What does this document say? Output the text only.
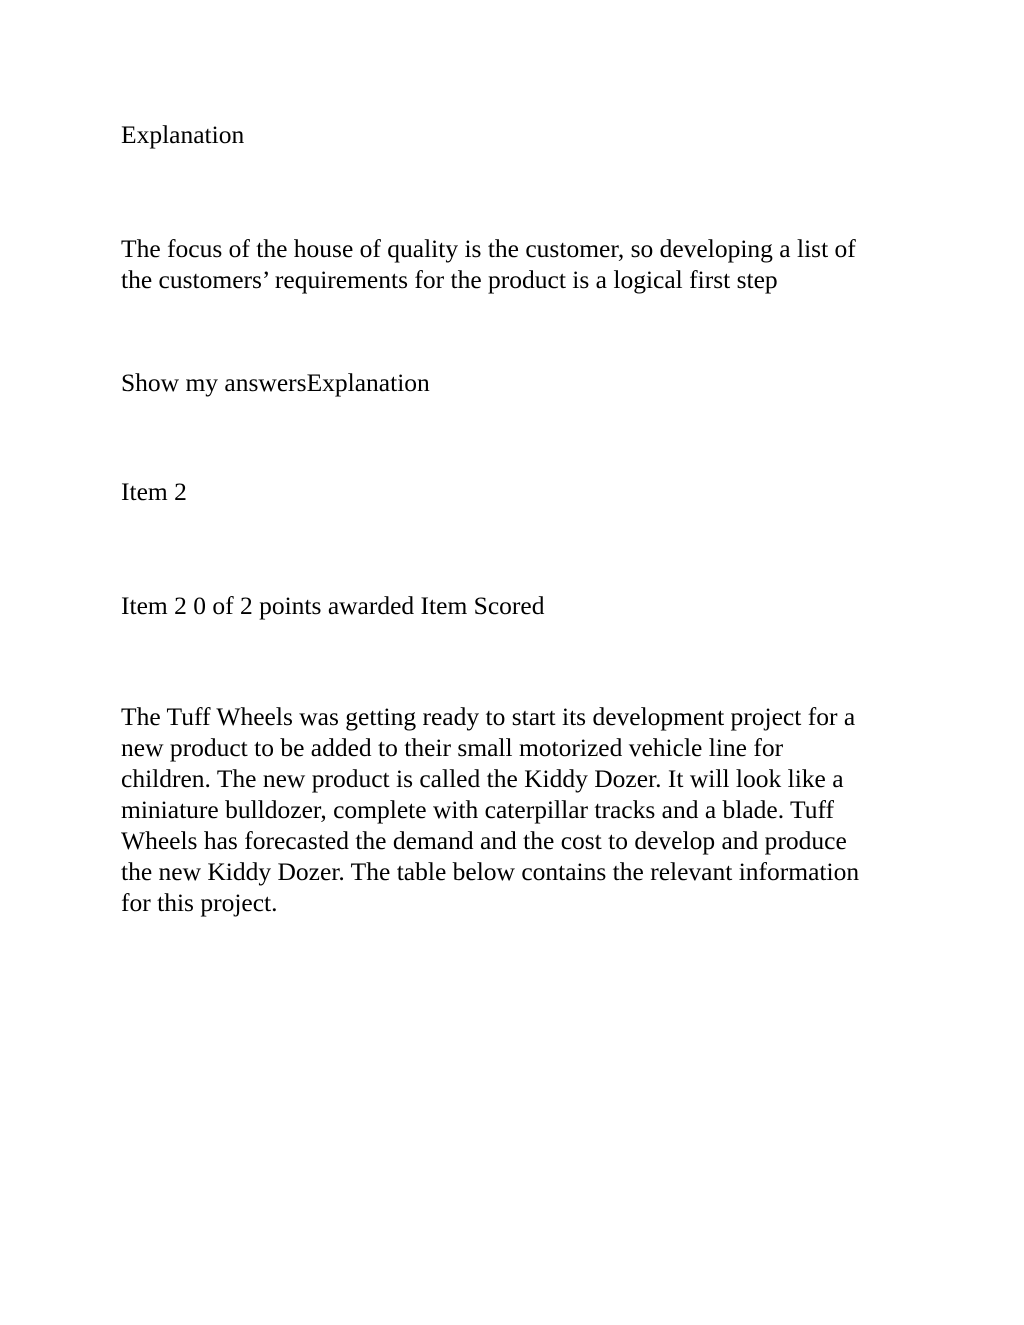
Explanation

The focus of the house of quality is the customer, so developing a list of
the customers’ requirements for the product is a logical first step

Show my answersExplanation

Item 2

Item 2 0 of 2 points awarded Item Scored

The Tuff Wheels was getting ready to start its development project for a
new product to be added to their small motorized vehicle line for
children. The new product is called the Kiddy Dozer. It will look like a
miniature bulldozer, complete with caterpillar tracks and a blade. Tuff
Wheels has forecasted the demand and the cost to develop and produce
the new Kiddy Dozer. The table below contains the relevant information
for this project.
